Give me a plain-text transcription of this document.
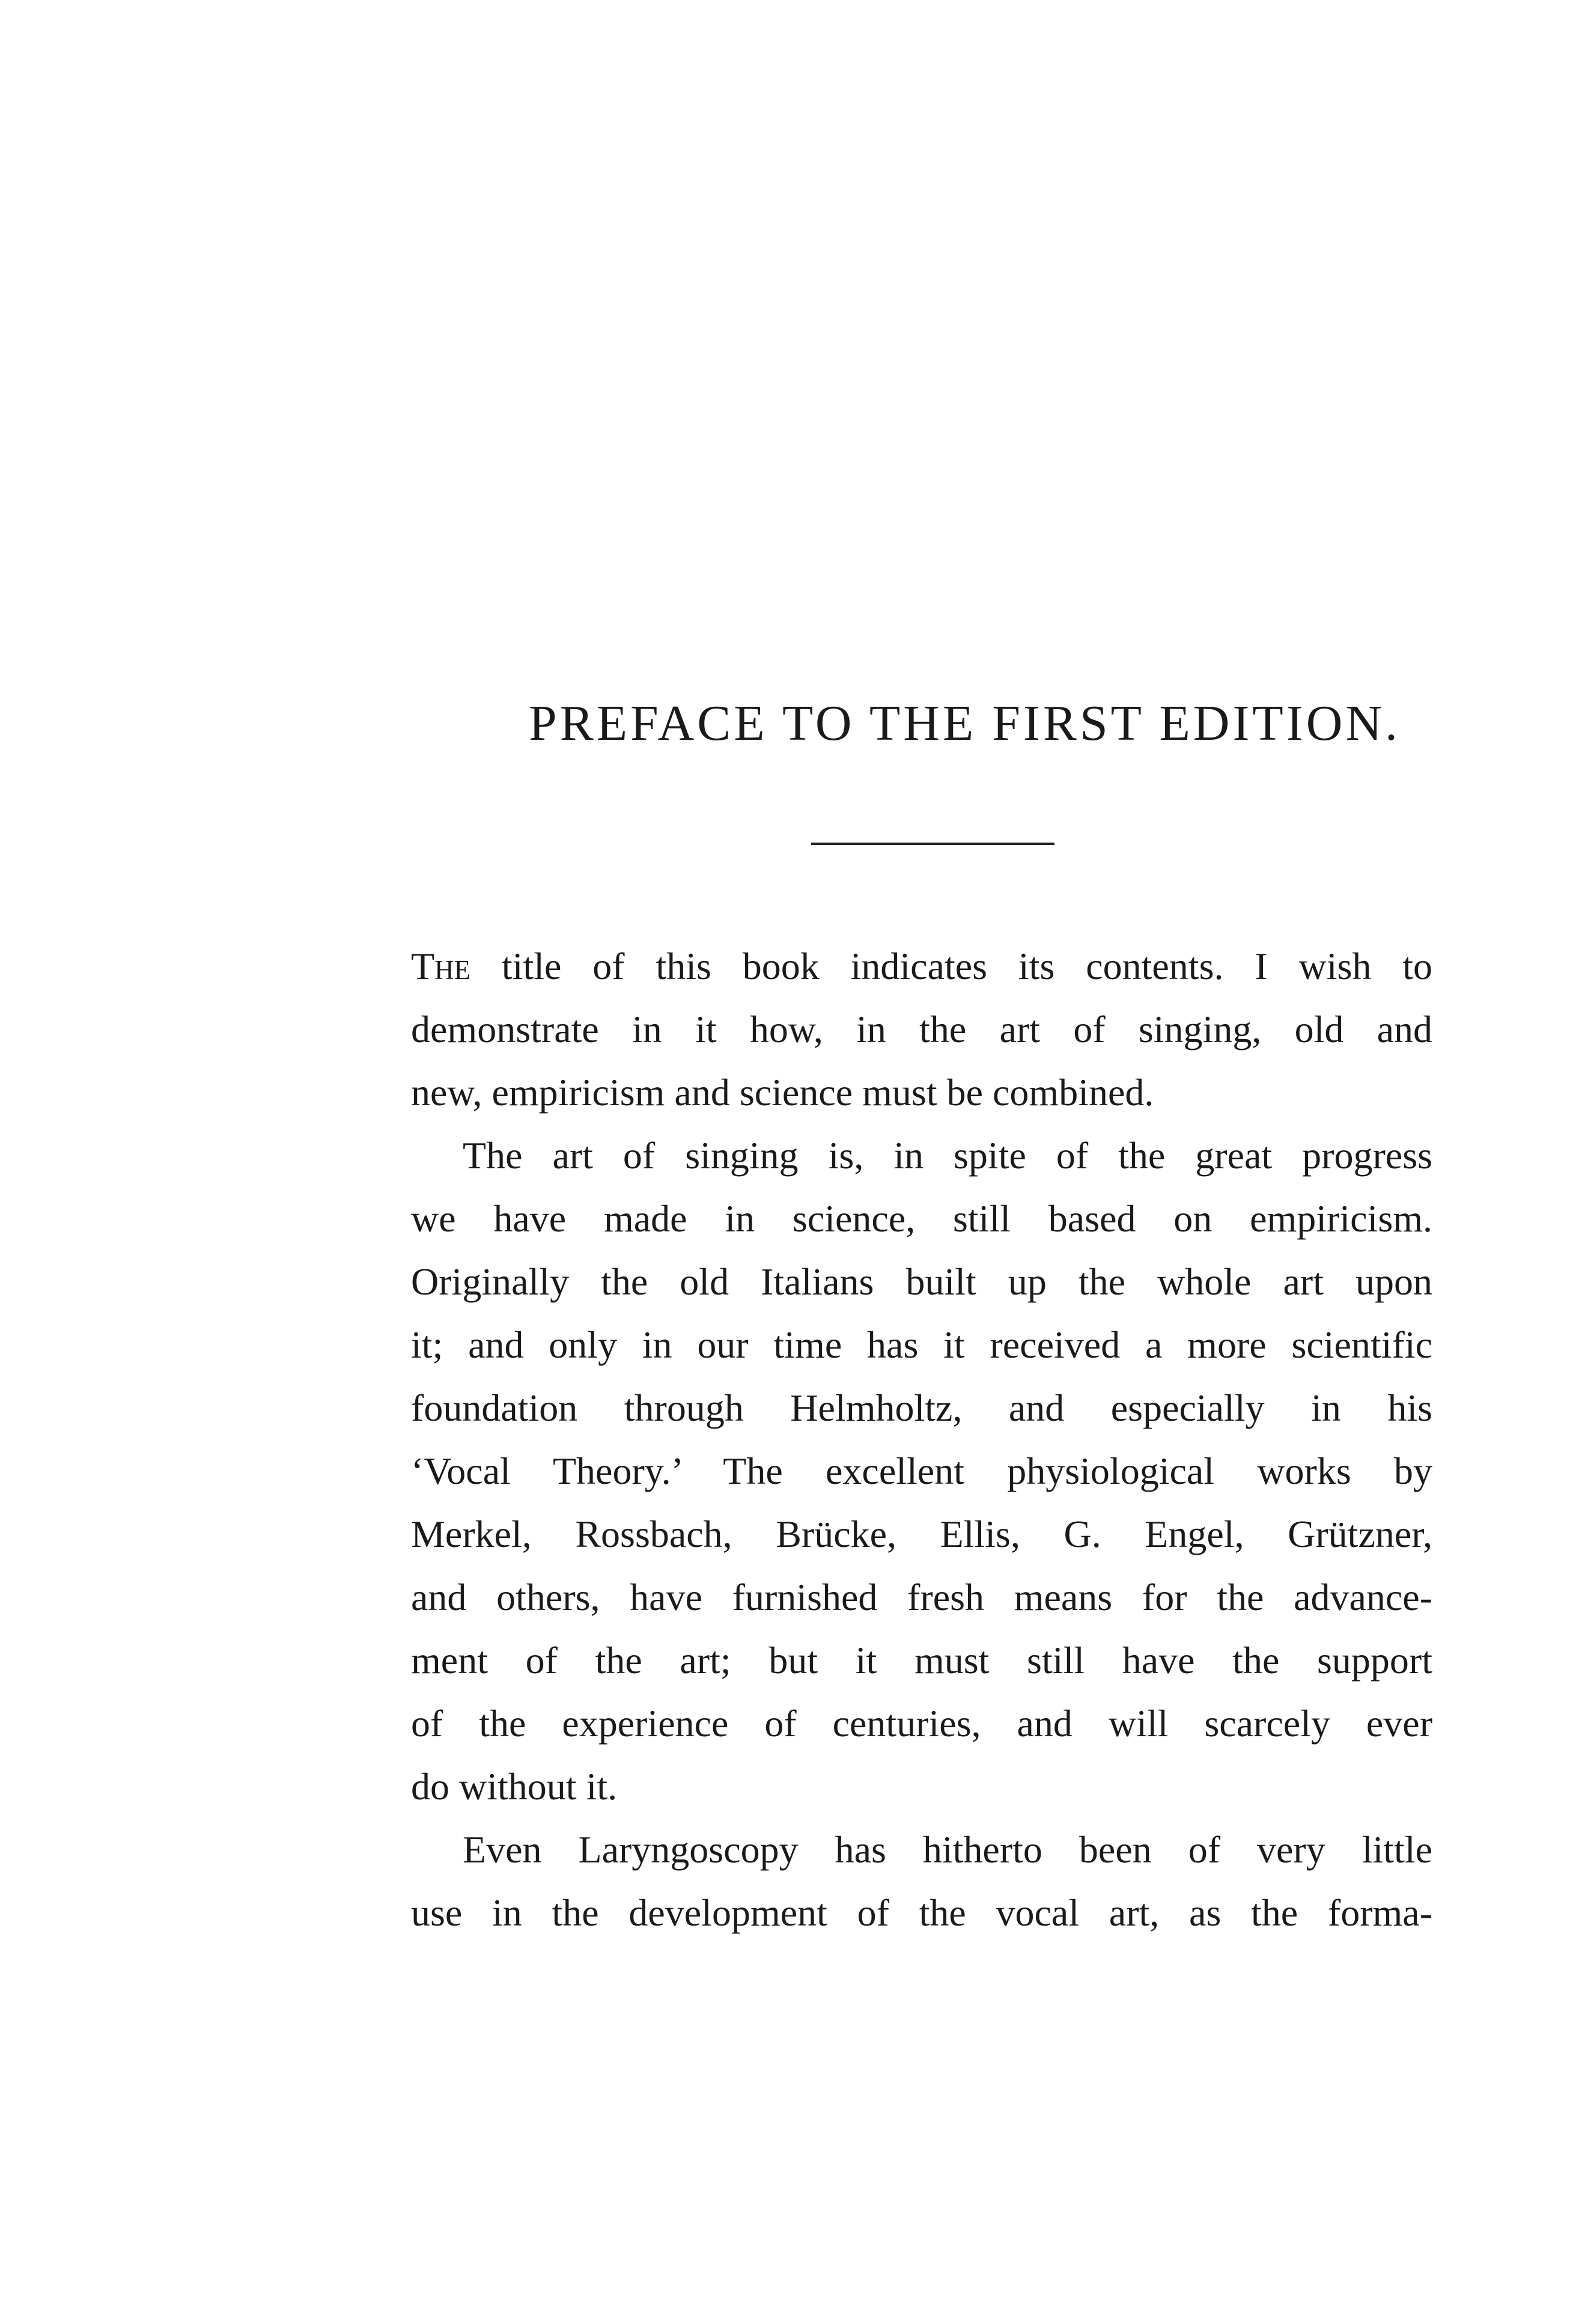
PREFACE TO THE FIRST EDITION.

The title of this book indicates its contents. I wish to
demonstrate in it how, in the art of singing, old and
new, empiricism and science must be combined.

The art of singing is, in spite of the great progress
we have made in science, still based on empiricism.
Originally the old Italians built up the whole art upon
it; and only in our time has it received a more scientific
foundation through Helmholtz, and especially in his
‘Vocal Theory.’ The excellent physiological works by
Merkel, Rossbach, Brücke, Ellis, G. Engel, Grützner,
and others, have furnished fresh means for the advance-
ment of the art; but it must still have the support
of the experience of centuries, and will scarcely ever
do without it.

Even Laryngoscopy has hitherto been of very little
use in the development of the vocal art, as the forma-
